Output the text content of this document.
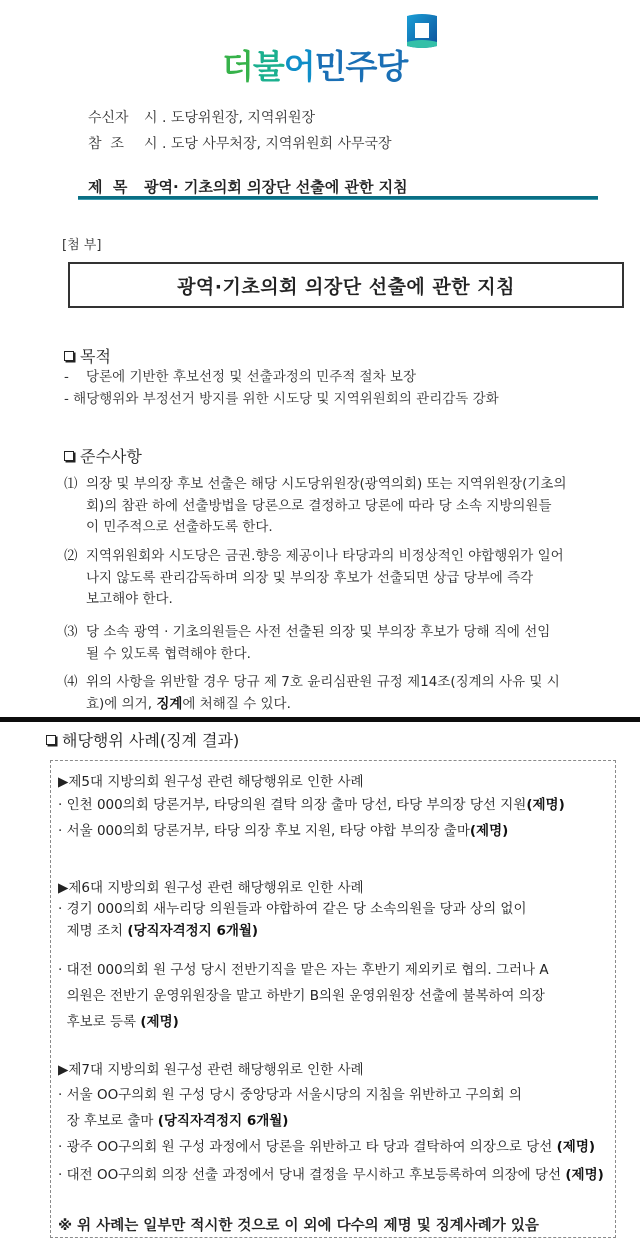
더불어민주당
수신자	시 . 도당위원장, 지역위원장
참  조	시 . 도당 사무처장, 지역위원회 사무국장
제  목	광역· 기초의회 의장단 선출에 관한 지침
[첨 부]
광역·기초의회 의장단 선출에 관한 지침
목적
-    당론에 기반한 후보선정 및 선출과정의 민주적 절차 보장
- 해당행위와 부정선거 방지를 위한 시도당 및 지역위원회의 관리감독 강화
준수사항
⑴ 의장 및 부의장 후보 선출은 해당 시도당위원장(광역의회) 또는 지역위원장(기초의
회)의 참관 하에 선출방법을 당론으로 결정하고 당론에 따라 당 소속 지방의원들
이 민주적으로 선출하도록 한다.
⑵ 지역위원회와 시도당은 금권.향응 제공이나 타당과의 비정상적인 야합행위가 일어
나지 않도록 관리감독하며 의장 및 부의장 후보가 선출되면 상급 당부에 즉각
보고해야 한다.
⑶ 당 소속 광역 · 기초의원들은 사전 선출된 의장 및 부의장 후보가 당해 직에 선임
될 수 있도록 협력해야 한다.
⑷ 위의 사항을 위반할 경우 당규 제 7호 윤리심판원 규정 제14조(징계의 사유 및 시
효)에 의거, 징계에 처해질 수 있다.
해당행위 사례(징계 결과)
▶제5대 지방의회 원구성 관련 해당행위로 인한 사례
· 인천 000의회 당론거부, 타당의원 결탁 의장 출마 당선, 타당 부의장 당선 지원(제명)
· 서울 000의회 당론거부, 타당 의장 후보 지원, 타당 야합 부의장 출마(제명)
▶제6대 지방의회 원구성 관련 해당행위로 인한 사례
· 경기 000의회 새누리당 의원들과 야합하여 같은 당 소속의원을 당과 상의 없이
제명 조치 (당직자격정지 6개월)
· 대전 000의회 원 구성 당시 전반기직을 맡은 자는 후반기 제외키로 협의. 그러나 A
의원은 전반기 운영위원장을 맡고 하반기 B의원 운영위원장 선출에 불복하여 의장
후보로 등록 (제명)
▶제7대 지방의회 원구성 관련 해당행위로 인한 사례
· 서울 OO구의회 원 구성 당시 중앙당과 서울시당의 지침을 위반하고 구의회 의
장 후보로 출마 (당직자격정지 6개월)
· 광주 OO구의회 원 구성 과정에서 당론을 위반하고 타 당과 결탁하여 의장으로 당선 (제명)
· 대전 OO구의회 의장 선출 과정에서 당내 결정을 무시하고 후보등록하여 의장에 당선 (제명)
※ 위 사례는 일부만 적시한 것으로 이 외에 다수의 제명 및 징계사례가 있음
